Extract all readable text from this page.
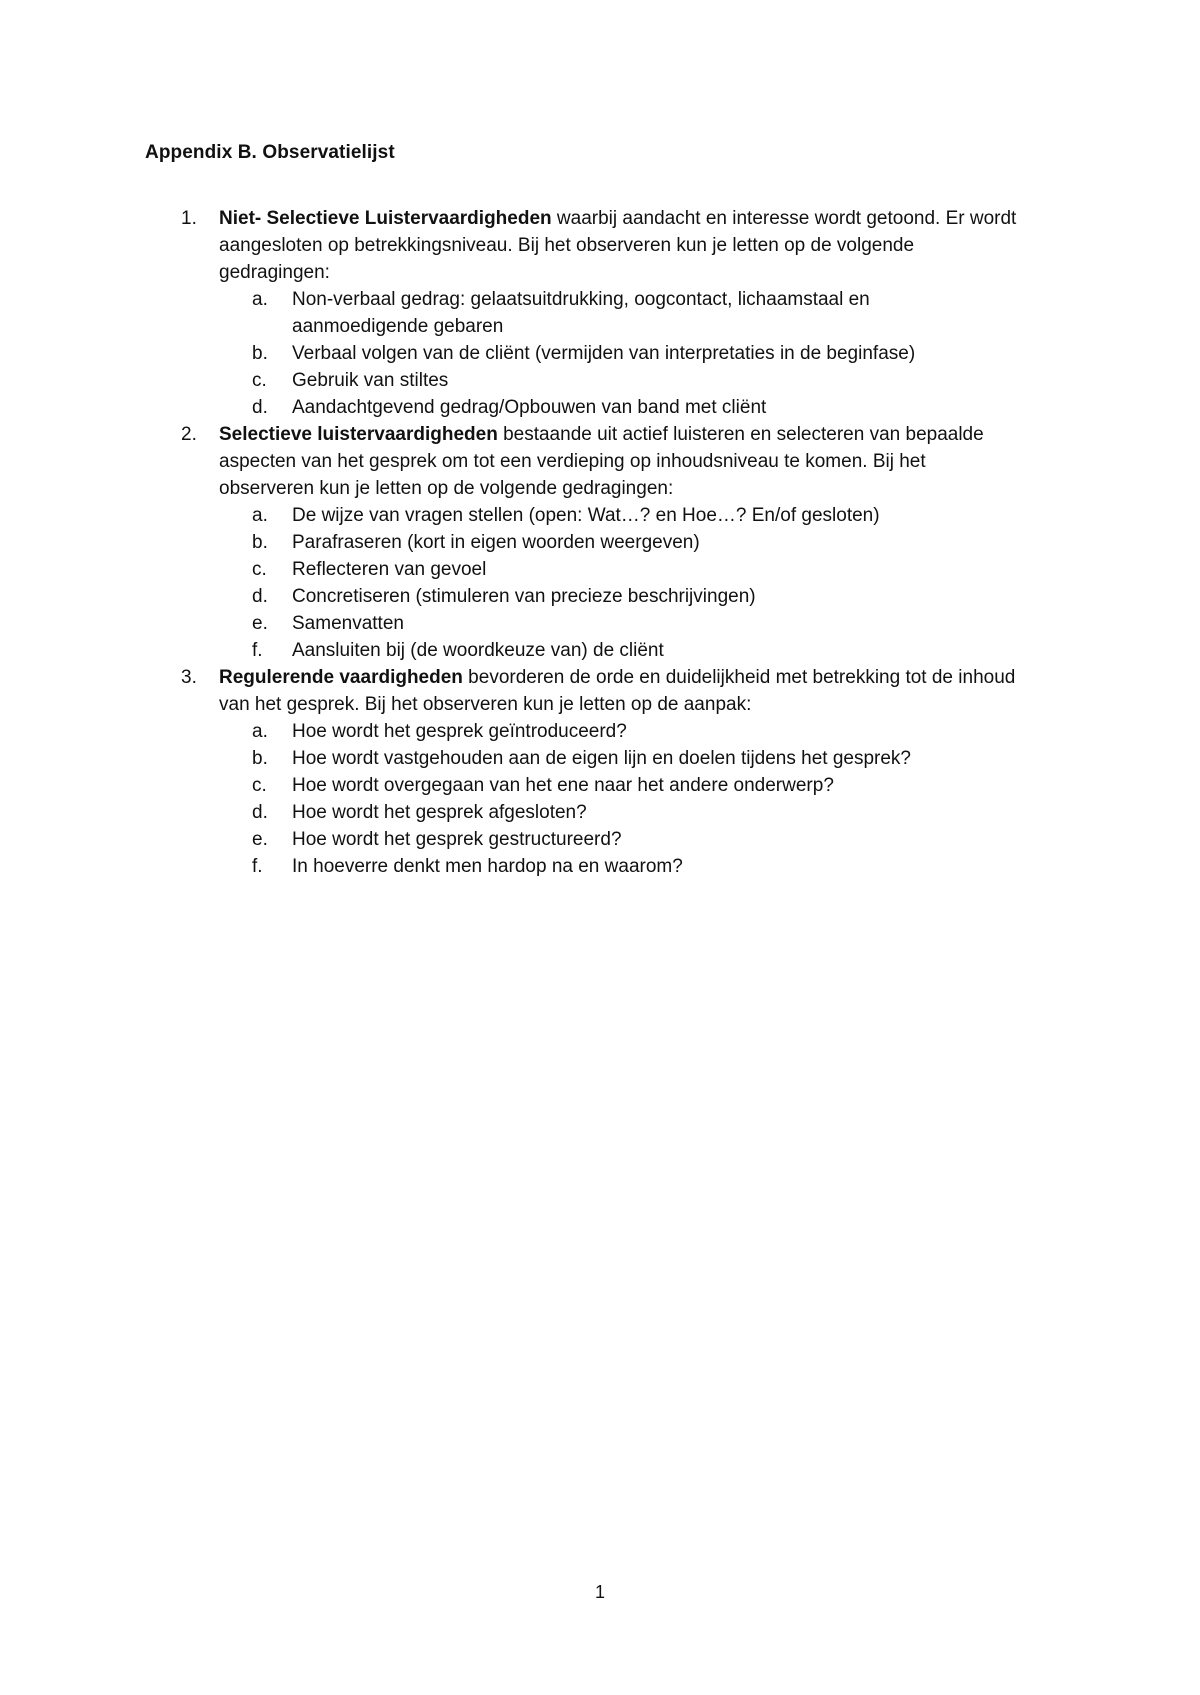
Appendix B. Observatielijst
1.	Niet- Selectieve Luistervaardigheden waarbij aandacht en interesse wordt getoond. Er wordt aangesloten op betrekkingsniveau. Bij het observeren kun je letten op de volgende gedragingen:
a.	Non-verbaal gedrag: gelaatsuitdrukking, oogcontact, lichaamstaal en aanmoedigende gebaren
b.	Verbaal volgen van de cliënt (vermijden van interpretaties in de beginfase)
c.	Gebruik van stiltes
d.	Aandachtgevend gedrag/Opbouwen van band met cliënt
2.	Selectieve luistervaardigheden bestaande uit actief luisteren en selecteren van bepaalde aspecten van het gesprek om tot een verdieping op inhoudsniveau te komen. Bij het observeren kun je letten op de volgende gedragingen:
a.	De wijze van vragen stellen (open: Wat…? en Hoe…? En/of gesloten)
b.	Parafraseren (kort in eigen woorden weergeven)
c.	Reflecteren van gevoel
d.	Concretiseren (stimuleren van precieze beschrijvingen)
e.	Samenvatten
f.	Aansluiten bij (de woordkeuze van) de cliënt
3.	Regulerende vaardigheden bevorderen de orde en duidelijkheid met betrekking tot de inhoud van het gesprek. Bij het observeren kun je letten op de aanpak:
a.	Hoe wordt het gesprek geïntroduceerd?
b.	Hoe wordt vastgehouden aan de eigen lijn en doelen tijdens het gesprek?
c.	Hoe wordt overgegaan van het ene naar het andere onderwerp?
d.	Hoe wordt het gesprek afgesloten?
e.	Hoe wordt het gesprek gestructureerd?
f.	In hoeverre denkt men hardop na en waarom?
1
